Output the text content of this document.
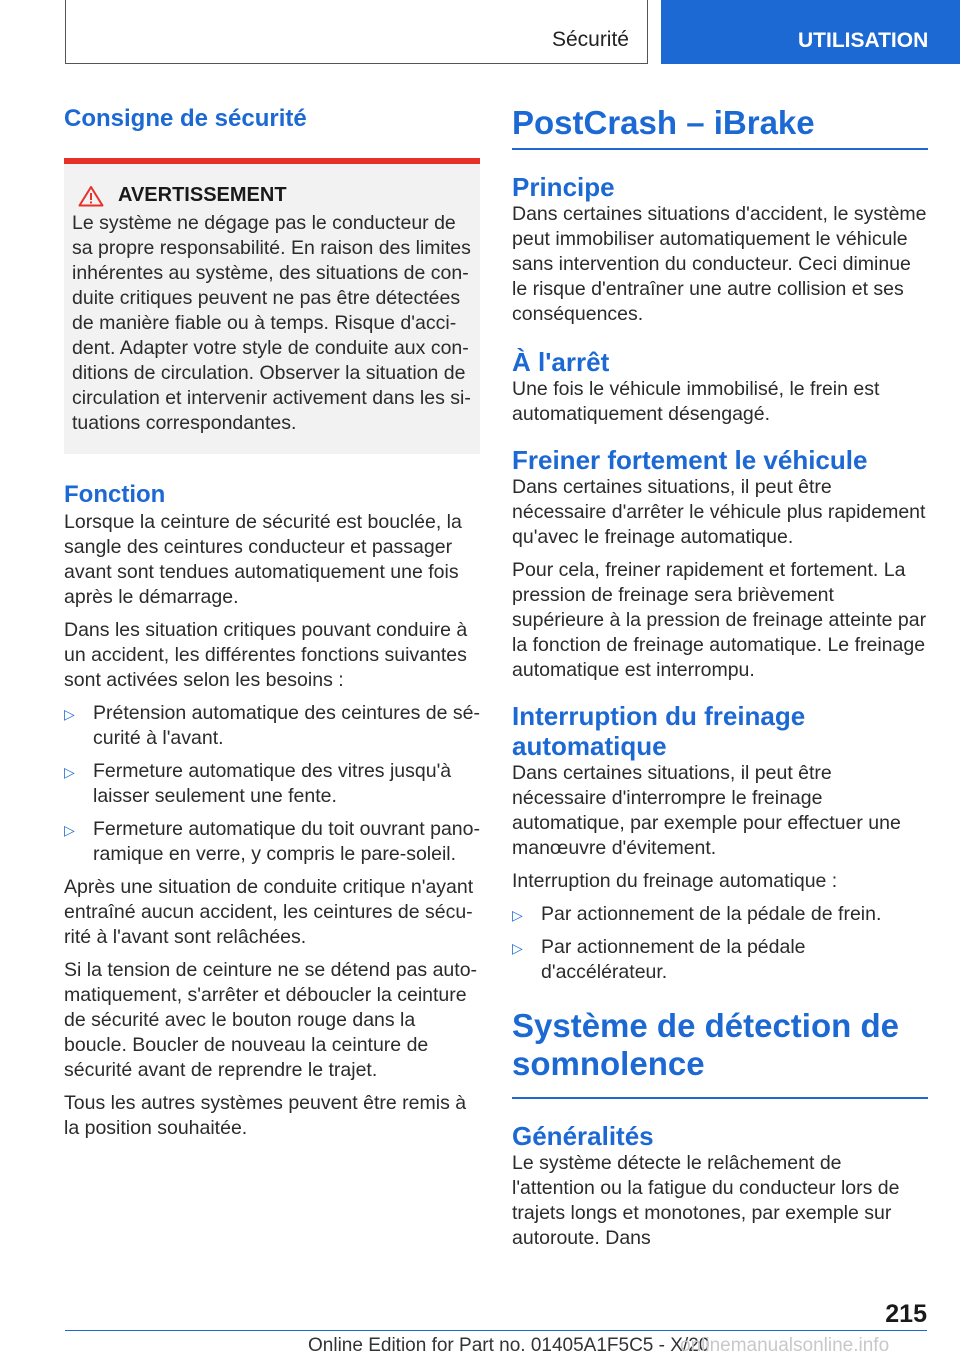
Sécurité	UTILISATION
Consigne de sécurité
AVERTISSEMENT

Le système ne dégage pas le conducteur de sa propre responsabilité. En raison des limites inhérentes au système, des situations de conduite critiques peuvent ne pas être détectées de manière fiable ou à temps. Risque d'accident. Adapter votre style de conduite aux conditions de circulation. Observer la situation de circulation et intervenir activement dans les situations correspondantes.

Fonction

Lorsque la ceinture de sécurité est bouclée, la sangle des ceintures conducteur et passager avant sont tendues automatiquement une fois après le démarrage.

Dans les situation critiques pouvant conduire à un accident, les différentes fonctions suivantes sont activées selon les besoins :

▷ Prétension automatique des ceintures de sécurité à l'avant.
▷ Fermeture automatique des vitres jusqu'à laisser seulement une fente.
▷ Fermeture automatique du toit ouvrant panoramique en verre, y compris le pare-soleil.

Après une situation de conduite critique n'ayant entraîné aucun accident, les ceintures de sécurité à l'avant sont relâchées.

Si la tension de ceinture ne se détend pas automatiquement, s'arrêter et déboucler la ceinture de sécurité avec le bouton rouge dans la boucle. Boucler de nouveau la ceinture de sécurité avant de reprendre le trajet.

Tous les autres systèmes peuvent être remis à la position souhaitée.

PostCrash – iBrake
Principe

Dans certaines situations d'accident, le système peut immobiliser automatiquement le véhicule sans intervention du conducteur. Ceci diminue le risque d'entraîner une autre collision et ses conséquences.

À l'arrêt

Une fois le véhicule immobilisé, le frein est automatiquement désengagé.

Freiner fortement le véhicule

Dans certaines situations, il peut être nécessaire d'arrêter le véhicule plus rapidement qu'avec le freinage automatique.

Pour cela, freiner rapidement et fortement. La pression de freinage sera brièvement supérieure à la pression de freinage atteinte par la fonction de freinage automatique. Le freinage automatique est interrompu.

Interruption du freinage automatique

Dans certaines situations, il peut être nécessaire d'interrompre le freinage automatique, par exemple pour effectuer une manœuvre d'évitement.

Interruption du freinage automatique :

▷ Par actionnement de la pédale de frein.
▷ Par actionnement de la pédale d'accélérateur.
Système de détection de somnolence
Généralités

Le système détecte le relâchement de l'attention ou la fatigue du conducteur lors de trajets longs et monotones, par exemple sur autoroute. Dans

215
Online Edition for Part no. 01405A1F5C5 - X/20
onlinemanualsonline.info
